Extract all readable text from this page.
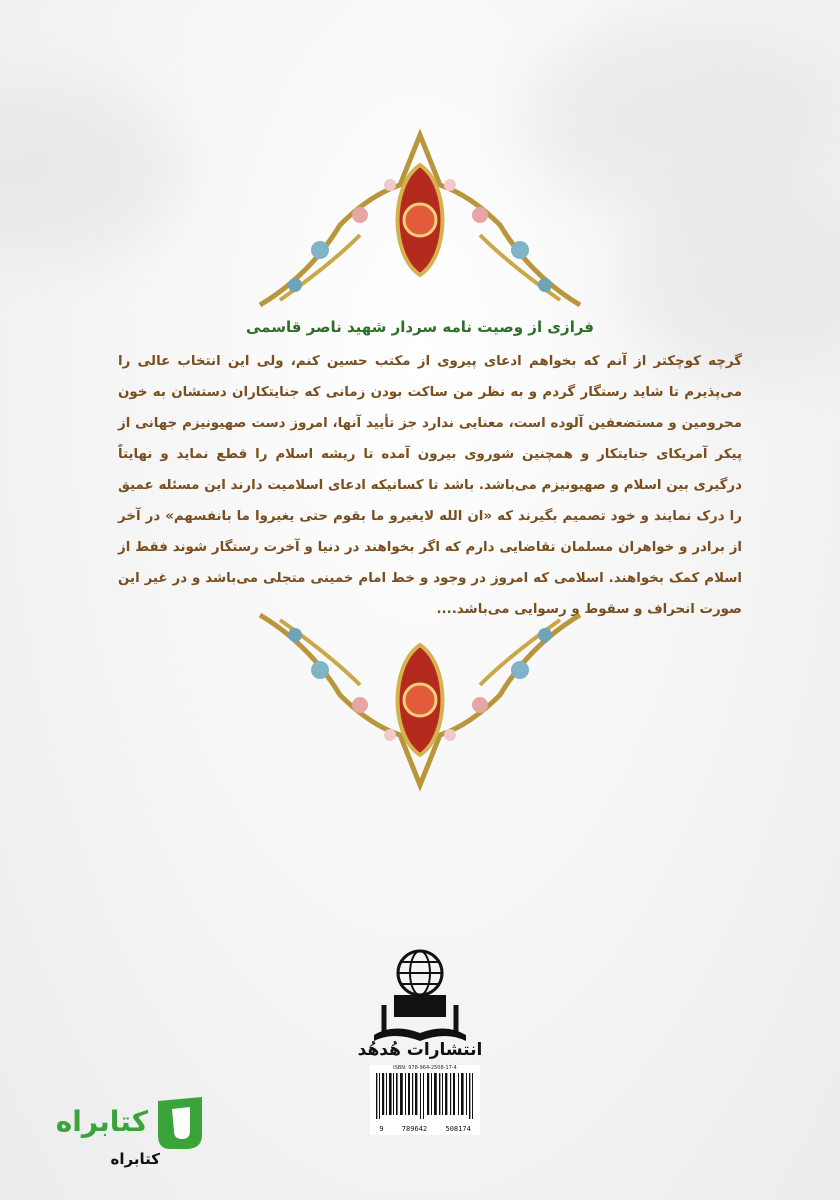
فرازی از وصیت نامه سردار شهید ناصر قاسمی

گرچه کوچکتر از آنم که بخواهم ادعای پیروی از مکتب حسین کنم، ولی این انتخاب عالی را می‌پذیرم تا شاید رستگار گردم و به نظر من ساکت بودن زمانی که جنایتکاران دستشان به خون محرومین و مستضعفین آلوده است، معنایی ندارد جز تأیید آنها، امروز دست صهیونیزم جهانی از پیکر آمریکای جنایتکار و همچنین شوروی بیرون آمده تا ریشه اسلام را قطع نماید و نهایتاً درگیری بین اسلام و صهیونیزم می‌باشد. باشد تا کسانیکه ادعای اسلامیت دارند این مسئله عمیق را درک نمایند و خود تصمیم بگیرند که «ان الله لایغیرو ما بقوم حتی یغیروا ما بانفسهم» در آخر از برادر و خواهران مسلمان تقاضایی دارم که اگر بخواهند در دنیا و آخرت رستگار شوند فقط از اسلام کمک بخواهند. اسلامی که امروز در وجود و خط امام خمینی متجلی می‌باشد و در غیر این صورت انحراف و سقوط و رسوایی می‌باشد....

انتشارات هُدهُد
ISBN: 978-964-2508-17-4
9	789642	508174
کتابراه
کتابراه
